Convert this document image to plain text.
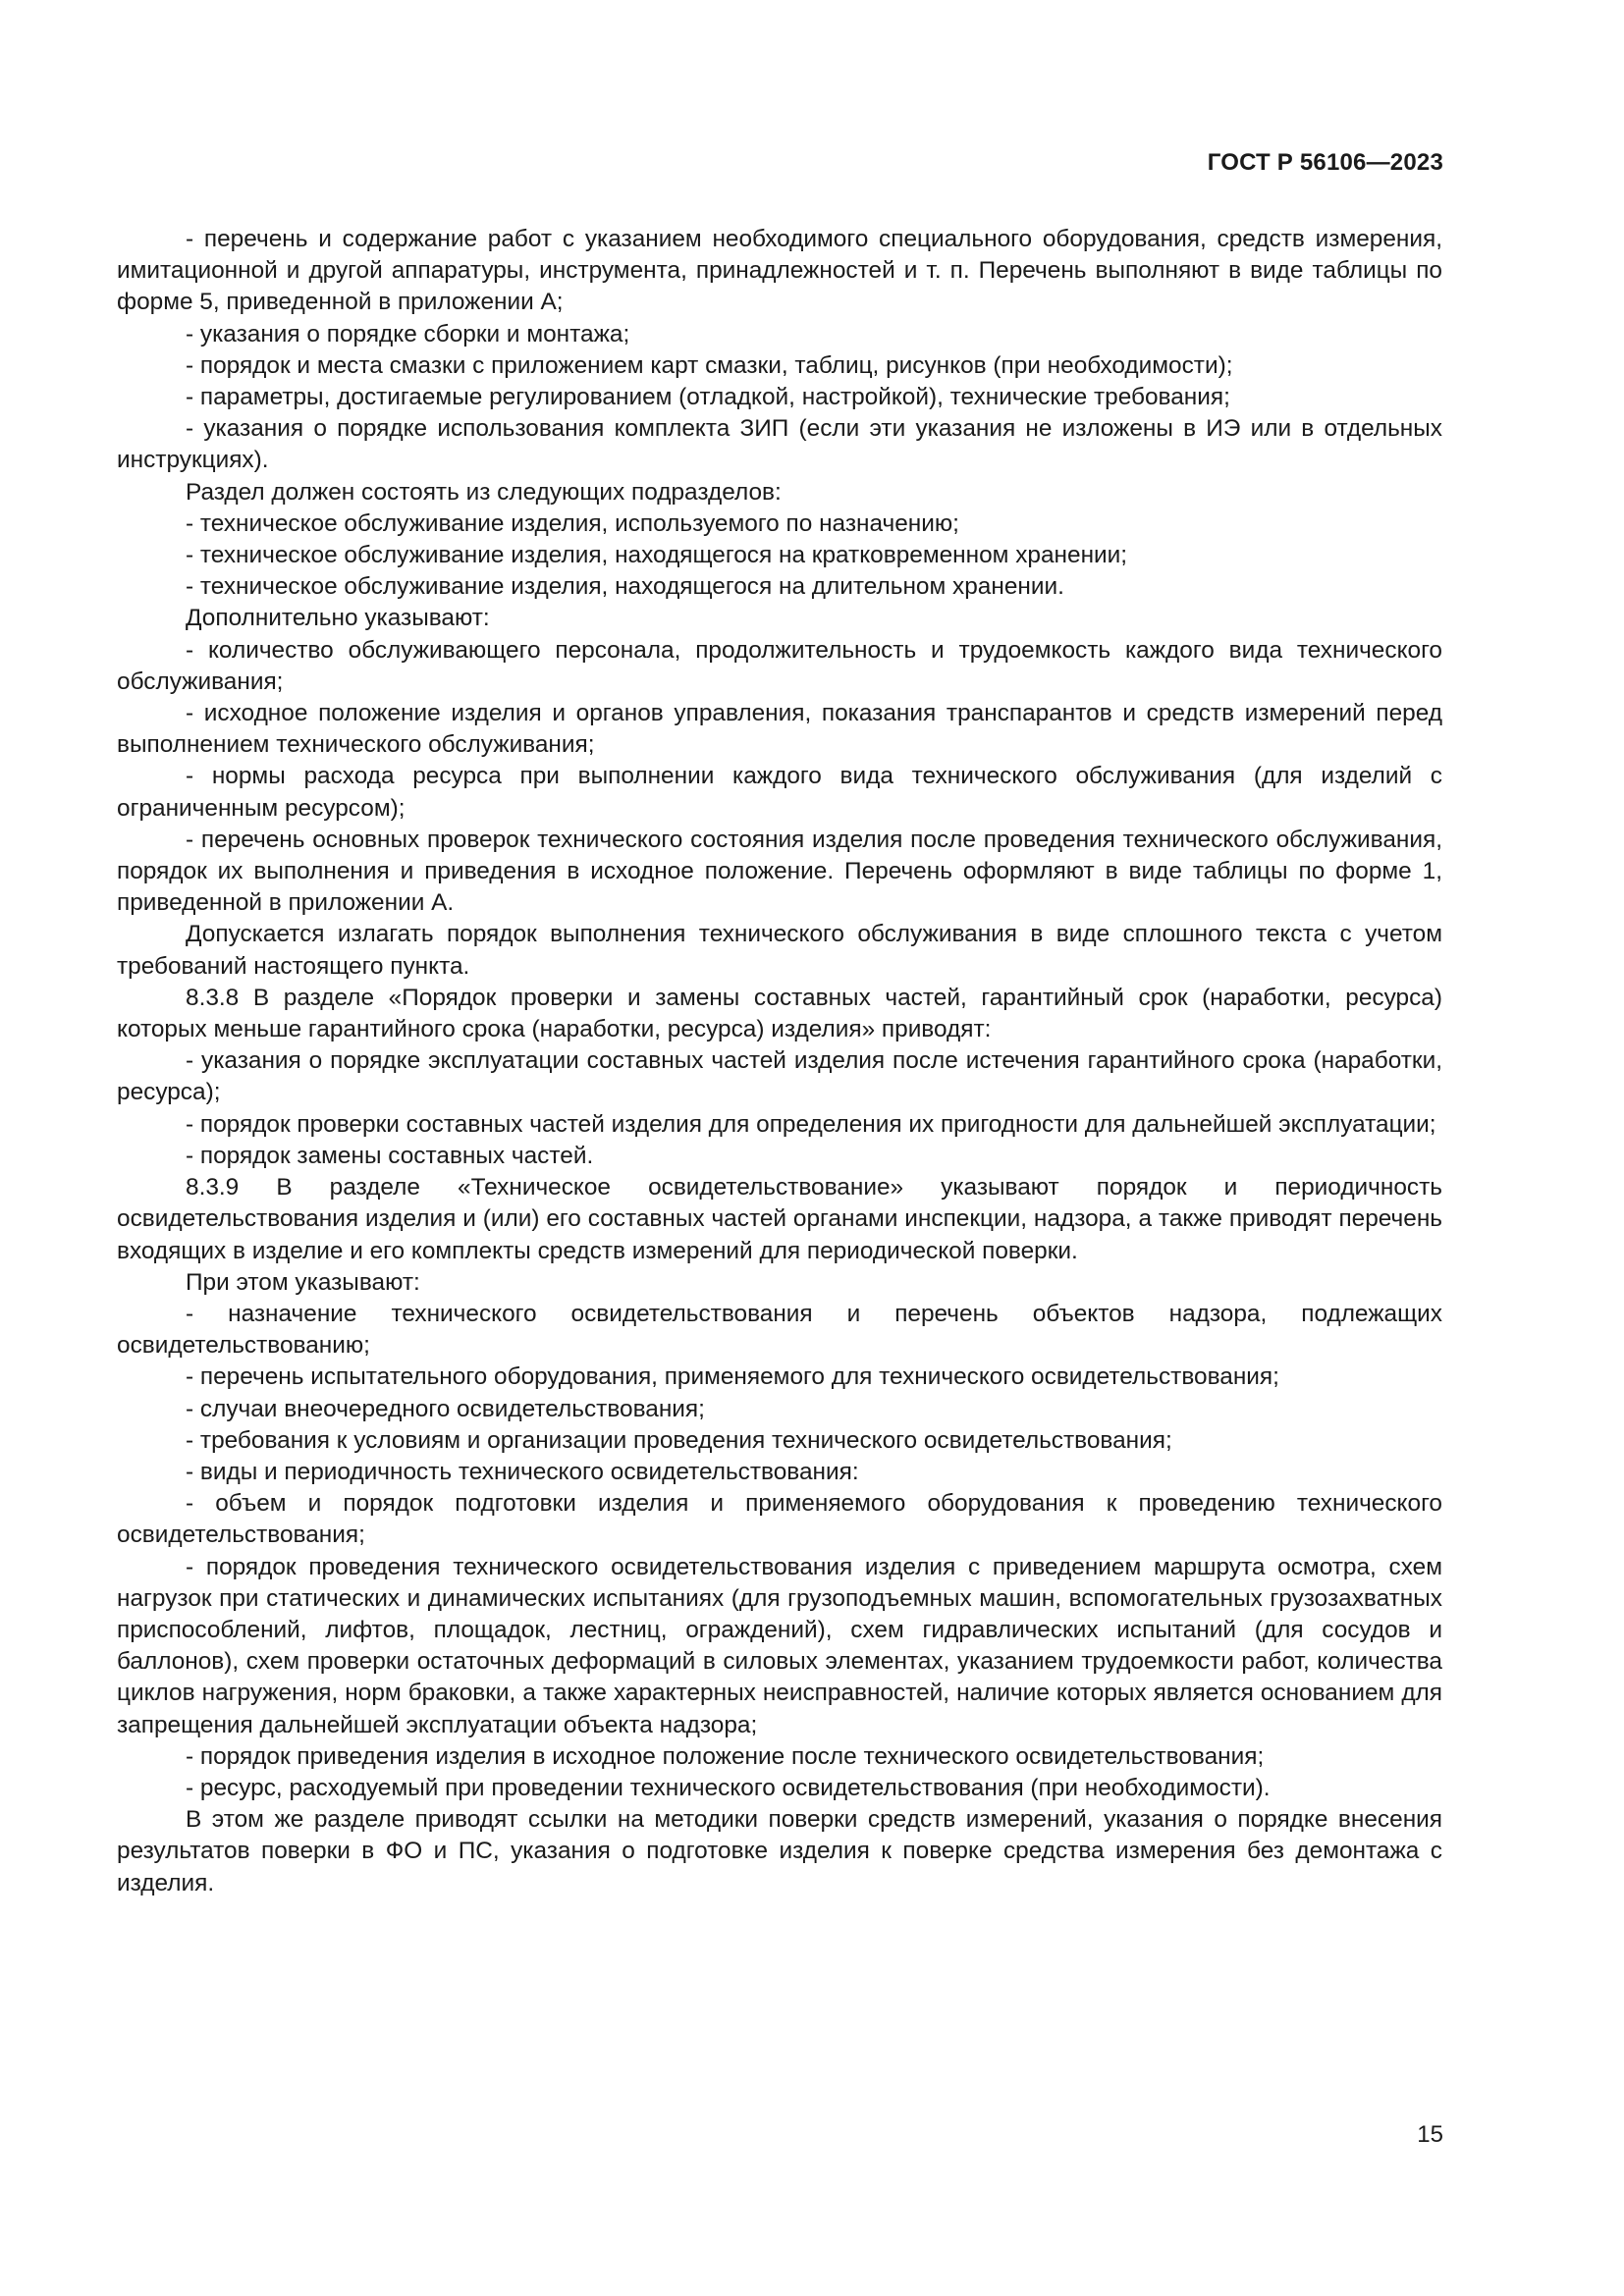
ГОСТ Р 56106—2023

- перечень и содержание работ с указанием необходимого специального оборудования, средств измерения, имитационной и другой аппаратуры, инструмента, принадлежностей и т. п. Перечень выполняют в виде таблицы по форме 5, приведенной в приложении А;

- указания о порядке сборки и монтажа;

- порядок и места смазки с приложением карт смазки, таблиц, рисунков (при необходимости);

- параметры, достигаемые регулированием (отладкой, настройкой), технические требования;

- указания о порядке использования комплекта ЗИП (если эти указания не изложены в ИЭ или в отдельных инструкциях).

Раздел должен состоять из следующих подразделов:

- техническое обслуживание изделия, используемого по назначению;

- техническое обслуживание изделия, находящегося на кратковременном хранении;

- техническое обслуживание изделия, находящегося на длительном хранении.

Дополнительно указывают:

- количество обслуживающего персонала, продолжительность и трудоемкость каждого вида технического обслуживания;

- исходное положение изделия и органов управления, показания транспарантов и средств измерений перед выполнением технического обслуживания;

- нормы расхода ресурса при выполнении каждого вида технического обслуживания (для изделий с ограниченным ресурсом);

- перечень основных проверок технического состояния изделия после проведения технического обслуживания, порядок их выполнения и приведения в исходное положение. Перечень оформляют в виде таблицы по форме 1, приведенной в приложении А.

Допускается излагать порядок выполнения технического обслуживания в виде сплошного текста с учетом требований настоящего пункта.

8.3.8 В разделе «Порядок проверки и замены составных частей, гарантийный срок (наработки, ресурса) которых меньше гарантийного срока (наработки, ресурса) изделия» приводят:

- указания о порядке эксплуатации составных частей изделия после истечения гарантийного срока (наработки, ресурса);

- порядок проверки составных частей изделия для определения их пригодности для дальнейшей эксплуатации;

- порядок замены составных частей.

8.3.9 В разделе «Техническое освидетельствование» указывают порядок и периодичность освидетельствования изделия и (или) его составных частей органами инспекции, надзора, а также приводят перечень входящих в изделие и его комплекты средств измерений для периодической поверки.

При этом указывают:

- назначение технического освидетельствования и перечень объектов надзора, подлежащих освидетельствованию;

- перечень испытательного оборудования, применяемого для технического освидетельствования;

- случаи внеочередного освидетельствования;

- требования к условиям и организации проведения технического освидетельствования;

- виды и периодичность технического освидетельствования:

- объем и порядок подготовки изделия и применяемого оборудования к проведению технического освидетельствования;

- порядок проведения технического освидетельствования изделия с приведением маршрута осмотра, схем нагрузок при статических и динамических испытаниях (для грузоподъемных машин, вспомогательных грузозахватных приспособлений, лифтов, площадок, лестниц, ограждений), схем гидравлических испытаний (для сосудов и баллонов), схем проверки остаточных деформаций в силовых элементах, указанием трудоемкости работ, количества циклов нагружения, норм браковки, а также характерных неисправностей, наличие которых является основанием для запрещения дальнейшей эксплуатации объекта надзора;

- порядок приведения изделия в исходное положение после технического освидетельствования;

- ресурс, расходуемый при проведении технического освидетельствования (при необходимости).

В этом же разделе приводят ссылки на методики поверки средств измерений, указания о порядке внесения результатов поверки в ФО и ПС, указания о подготовке изделия к поверке средства измерения без демонтажа с изделия.

15
